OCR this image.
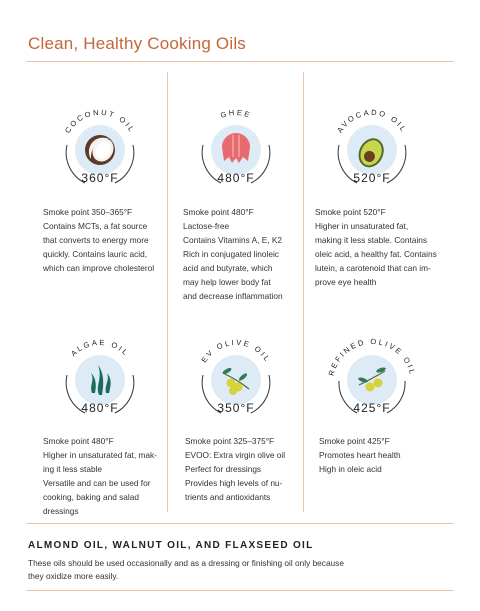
Clean, Healthy Cooking Oils
COCONUT OIL
360°F
Smoke point 350–365°F
Contains MCTs, a fat source
that converts to energy more
quickly. Contains lauric acid,
which can improve cholesterol
GHEE
480°F
Smoke point 480°F
Lactose-free
Contains Vitamins A, E, K2
Rich in conjugated linoleic
acid and butyrate, which
may help lower body fat
and decrease inflammation
AVOCADO OIL
520°F
Smoke point 520°F
Higher in unsaturated fat,
making it less stable. Contains
oleic acid, a healthy fat. Contains
lutein, a carotenoid that can im-
prove eye health
ALGAE OIL
480°F
Smoke point 480°F
Higher in unsaturated fat, mak-
ing it less stable
Versatile and can be used for
cooking, baking and salad
dressings
EV OLIVE OIL
350°F
Smoke point 325–375°F
EVOO: Extra virgin olive oil
Perfect for dressings
Provides high levels of nu-
trients and antioxidants
REFINED OLIVE OIL
425°F
Smoke point 425°F
Promotes heart health
High in oleic acid
ALMOND OIL, WALNUT OIL, AND FLAXSEED OIL
These oils should be used occasionally and as a dressing or finishing oil only because
they oxidize more easily.
